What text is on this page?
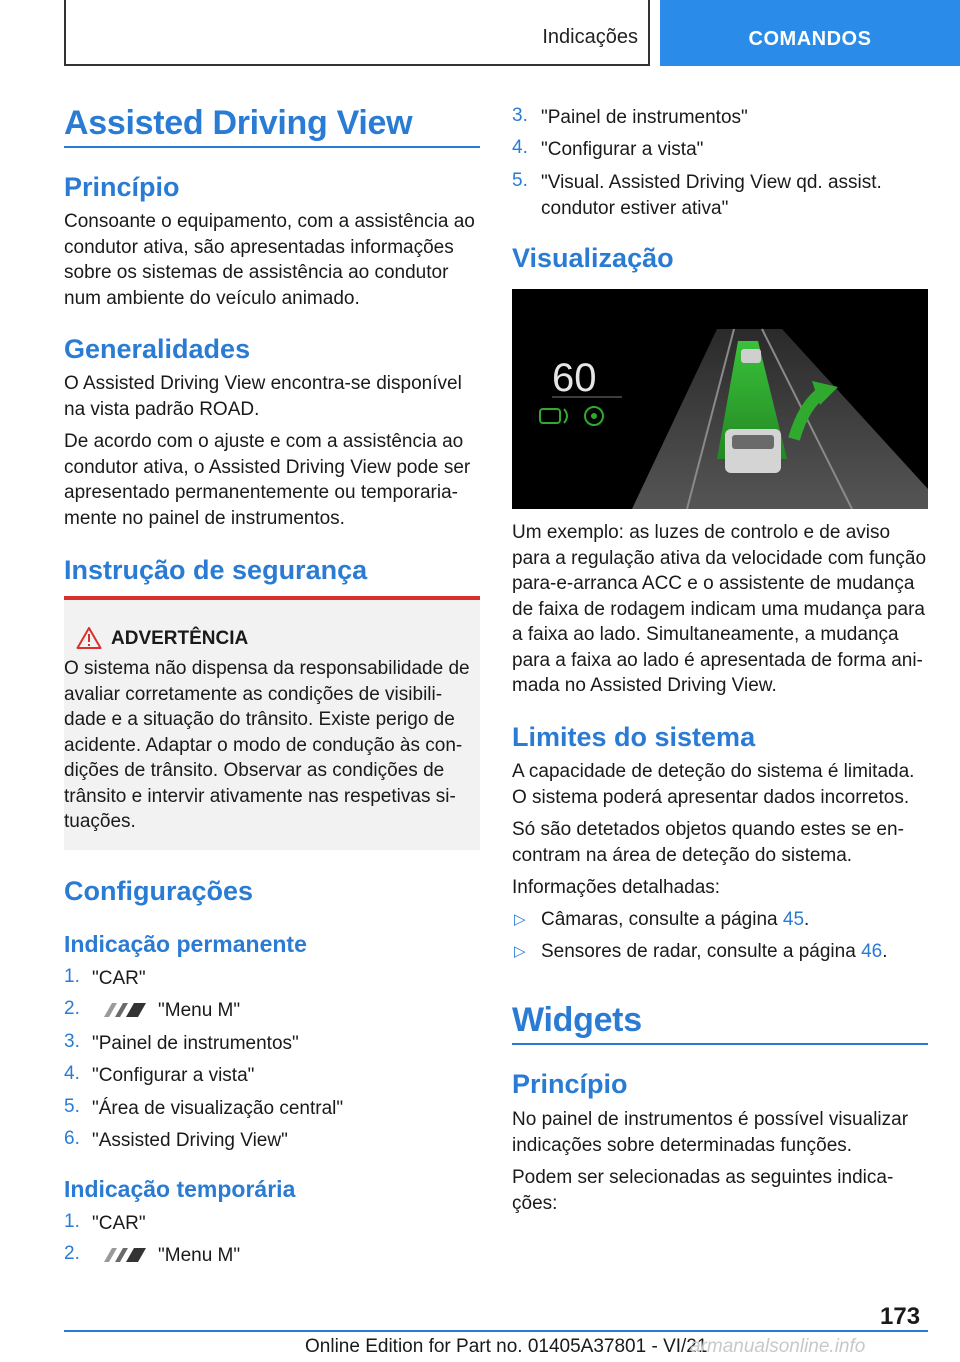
Indicações	COMANDOS
Assisted Driving View
Princípio
Consoante o equipamento, com a assistência ao condutor ativa, são apresentadas informações sobre os sistemas de assistência ao condutor num ambiente do veículo animado.
Generalidades
O Assisted Driving View encontra-se disponível na vista padrão ROAD.
De acordo com o ajuste e com a assistência ao condutor ativa, o Assisted Driving View pode ser apresentado permanentemente ou temporaria-mente no painel de instrumentos.
Instrução de segurança
ADVERTÊNCIA
O sistema não dispensa da responsabilidade de avaliar corretamente as condições de visibili-dade e a situação do trânsito. Existe perigo de acidente. Adaptar o modo de condução às con-dições de trânsito. Observar as condições de trânsito e intervir ativamente nas respetivas si-tuações.
Configurações
Indicação permanente
1. "CAR"
2.	"Menu M"
3. "Painel de instrumentos"
4. "Configurar a vista"
5. "Área de visualização central"
6. "Assisted Driving View"
Indicação temporária
1. "CAR"
2.	"Menu M"
3. "Painel de instrumentos"
4. "Configurar a vista"
5. "Visual. Assisted Driving View qd. assist. condutor estiver ativa"
Visualização
60
Um exemplo: as luzes de controlo e de aviso para a regulação ativa da velocidade com função para-e-arranca ACC e o assistente de mudança de faixa de rodagem indicam uma mudança para a faixa ao lado. Simultaneamente, a mudança para a faixa ao lado é apresentada de forma ani-mada no Assisted Driving View.
Limites do sistema
A capacidade de deteção do sistema é limitada. O sistema poderá apresentar dados incorretos.
Só são detetados objetos quando estes se en-contram na área de deteção do sistema.
Informações detalhadas:
▷ Câmaras, consulte a página 45.
▷ Sensores de radar, consulte a página 46.
Widgets
Princípio
No painel de instrumentos é possível visualizar indicações sobre determinadas funções.
Podem ser selecionadas as seguintes indica-ções:
173
Online Edition for Part no. 01405A37801 - VI/21
armanualsonline.info
